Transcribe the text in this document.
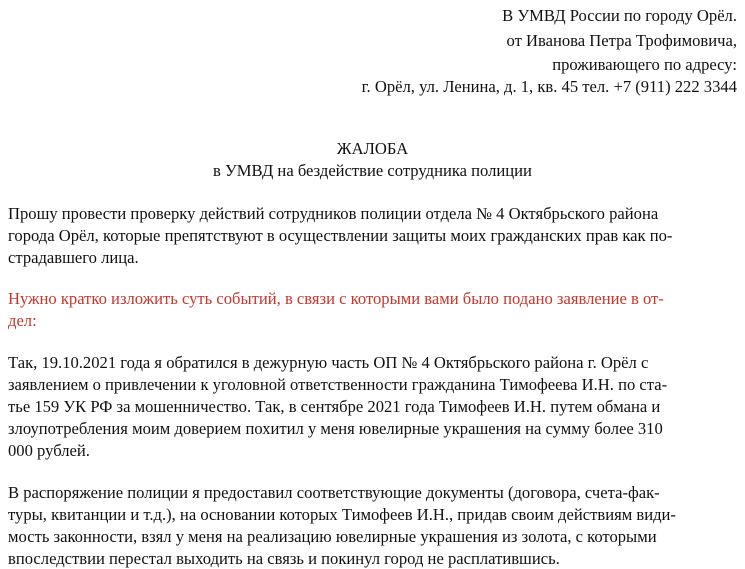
В УМВД России по городу Орёл.
от Иванова Петра Трофимовича,
проживающего по адресу:
г. Орёл, ул. Ленина, д. 1, кв. 45 тел. +7 (911) 222 3344
ЖАЛОБА
в УМВД на бездействие сотрудника полиции
Прошу провести проверку действий сотрудников полиции отдела № 4 Октябрьского района
города Орёл, которые препятствуют в осуществлении защиты моих гражданских прав как по-
страдавшего лица.
Нужно кратко изложить суть событий, в связи с которыми вами было подано заявление в от-
дел:
Так, 19.10.2021 года я обратился в дежурную часть ОП № 4 Октябрьского района г. Орёл с
заявлением о привлечении к уголовной ответственности гражданина Тимофеева И.Н. по ста-
тье 159 УК РФ за мошенничество. Так, в сентябре 2021 года Тимофеев И.Н. путем обмана и
злоупотребления моим доверием похитил у меня ювелирные украшения на сумму более 310
000 рублей.
В распоряжение полиции я предоставил соответствующие документы (договора, счета-фак-
туры, квитанции и т.д.), на основании которых Тимофеев И.Н., придав своим действиям види-
мость законности, взял у меня на реализацию ювелирные украшения из золота, с которыми
впоследствии перестал выходить на связь и покинул город не расплатившись.
